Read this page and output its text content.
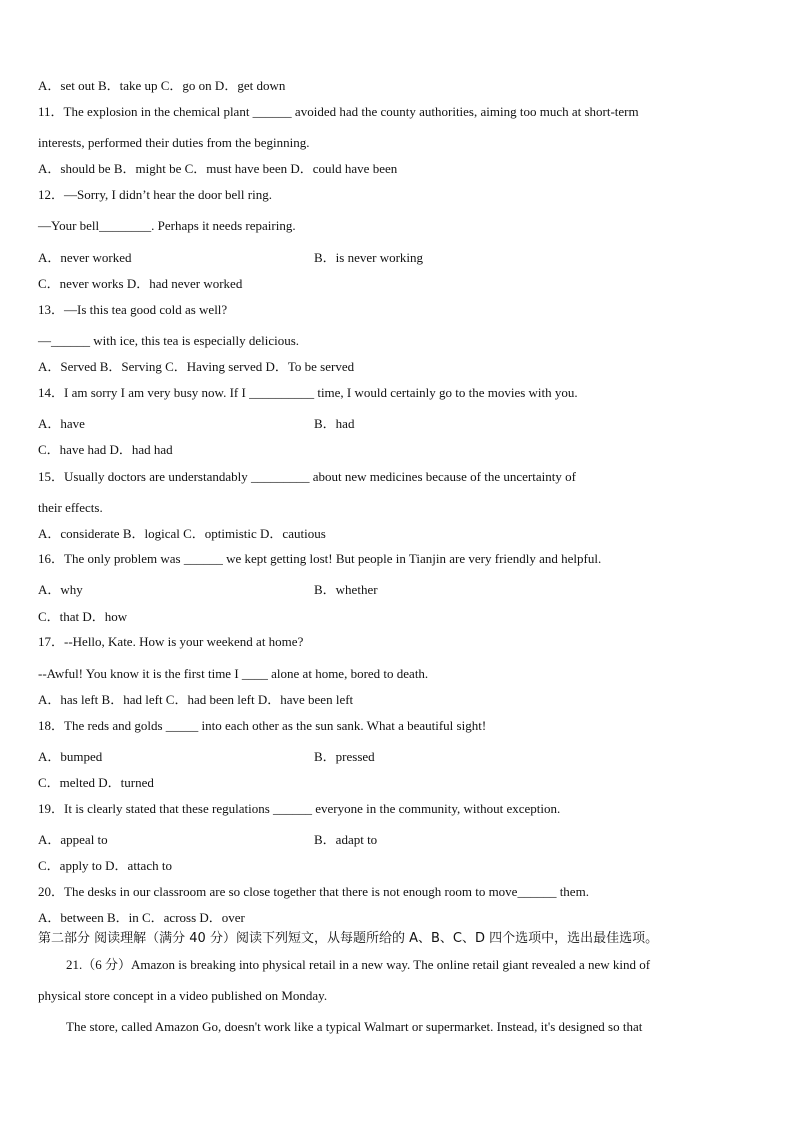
A．set out B．take up C．go on D．get down
11．The explosion in the chemical plant ______ avoided had the county authorities, aiming too much at short-term
interests, performed their duties from the beginning.
A．should be B．might be C．must have been D．could have been
12．—Sorry, I didn’t hear the door bell ring.
—Your bell________. Perhaps it needs repairing.
A．never worked	B．is never working
C．never works D．had never worked
13．—Is this tea good cold as well?
—______ with ice, this tea is especially delicious.
A．Served B．Serving C．Having served D．To be served
14．I am sorry I am very busy now. If I __________ time, I would certainly go to the movies with you.
A．have	B．had
C．have had D．had had
15．Usually doctors are understandably _________ about new medicines because of the uncertainty of
their effects.
A．considerate B．logical C．optimistic D．cautious
16．The only problem was ______ we kept getting lost! But people in Tianjin are very friendly and helpful.
A．why	B．whether
C．that D．how
17．--Hello, Kate. How is your weekend at home?
--Awful! You know it is the first time I ____ alone at home, bored to death.
A．has left B．had left C．had been left D．have been left
18．The reds and golds _____ into each other as the sun sank. What a beautiful sight!
A．bumped	B．pressed
C．melted D．turned
19．It is clearly stated that these regulations ______ everyone in the community, without exception.
A．appeal to	B．adapt to
C．apply to D．attach to
20．The desks in our classroom are so close together that there is not enough room to move______ them.
A．between B．in C．across D．over
第二部分 阅读理解（满分 40 分）阅读下列短文，从每题所给的 A、B、C、D 四个选项中，选出最佳选项。
21.（6 分）Amazon is breaking into physical retail in a new way. The online retail giant revealed a new kind of
physical store concept in a video published on Monday.
The store, called Amazon Go, doesn't work like a typical Walmart or supermarket. Instead, it's designed so that
